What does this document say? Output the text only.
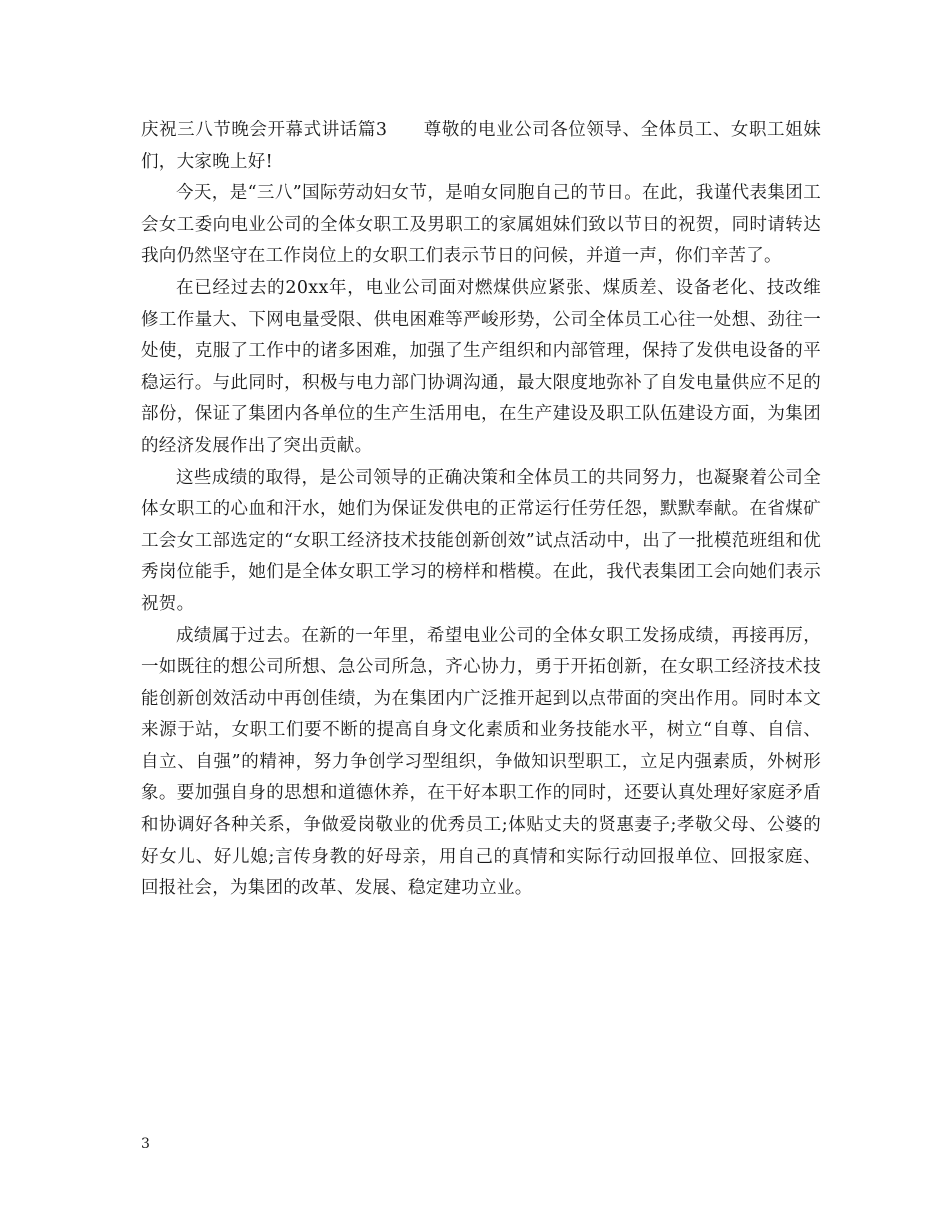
庆祝三八节晚会开幕式讲话篇3　　尊敬的电业公司各位领导、全体员工、女职工姐妹们，大家晚上好!

今天，是“三八”国际劳动妇女节，是咱女同胞自己的节日。在此，我谨代表集团工会女工委向电业公司的全体女职工及男职工的家属姐妹们致以节日的祝贺，同时请转达我向仍然坚守在工作岗位上的女职工们表示节日的问候，并道一声，你们辛苦了。

在已经过去的20xx年，电业公司面对燃煤供应紧张、煤质差、设备老化、技改维修工作量大、下网电量受限、供电困难等严峻形势，公司全体员工心往一处想、劲往一处使，克服了工作中的诸多困难，加强了生产组织和内部管理，保持了发供电设备的平稳运行。与此同时，积极与电力部门协调沟通，最大限度地弥补了自发电量供应不足的部份，保证了集团内各单位的生产生活用电，在生产建设及职工队伍建设方面，为集团的经济发展作出了突出贡献。

这些成绩的取得，是公司领导的正确决策和全体员工的共同努力，也凝聚着公司全体女职工的心血和汗水，她们为保证发供电的正常运行任劳任怨，默默奉献。在省煤矿工会女工部选定的“女职工经济技术技能创新创效”试点活动中，出了一批模范班组和优秀岗位能手，她们是全体女职工学习的榜样和楷模。在此，我代表集团工会向她们表示祝贺。

成绩属于过去。在新的一年里，希望电业公司的全体女职工发扬成绩，再接再厉，一如既往的想公司所想、急公司所急，齐心协力，勇于开拓创新，在女职工经济技术技能创新创效活动中再创佳绩，为在集团内广泛推开起到以点带面的突出作用。同时本文来源于站，女职工们要不断的提高自身文化素质和业务技能水平，树立“自尊、自信、自立、自强”的精神，努力争创学习型组织，争做知识型职工，立足内强素质，外树形象。要加强自身的思想和道德休养，在干好本职工作的同时，还要认真处理好家庭矛盾和协调好各种关系，争做爱岗敬业的优秀员工;体贴丈夫的贤惠妻子;孝敬父母、公婆的好女儿、好儿媳;言传身教的好母亲，用自己的真情和实际行动回报单位、回报家庭、回报社会，为集团的改革、发展、稳定建功立业。

3
